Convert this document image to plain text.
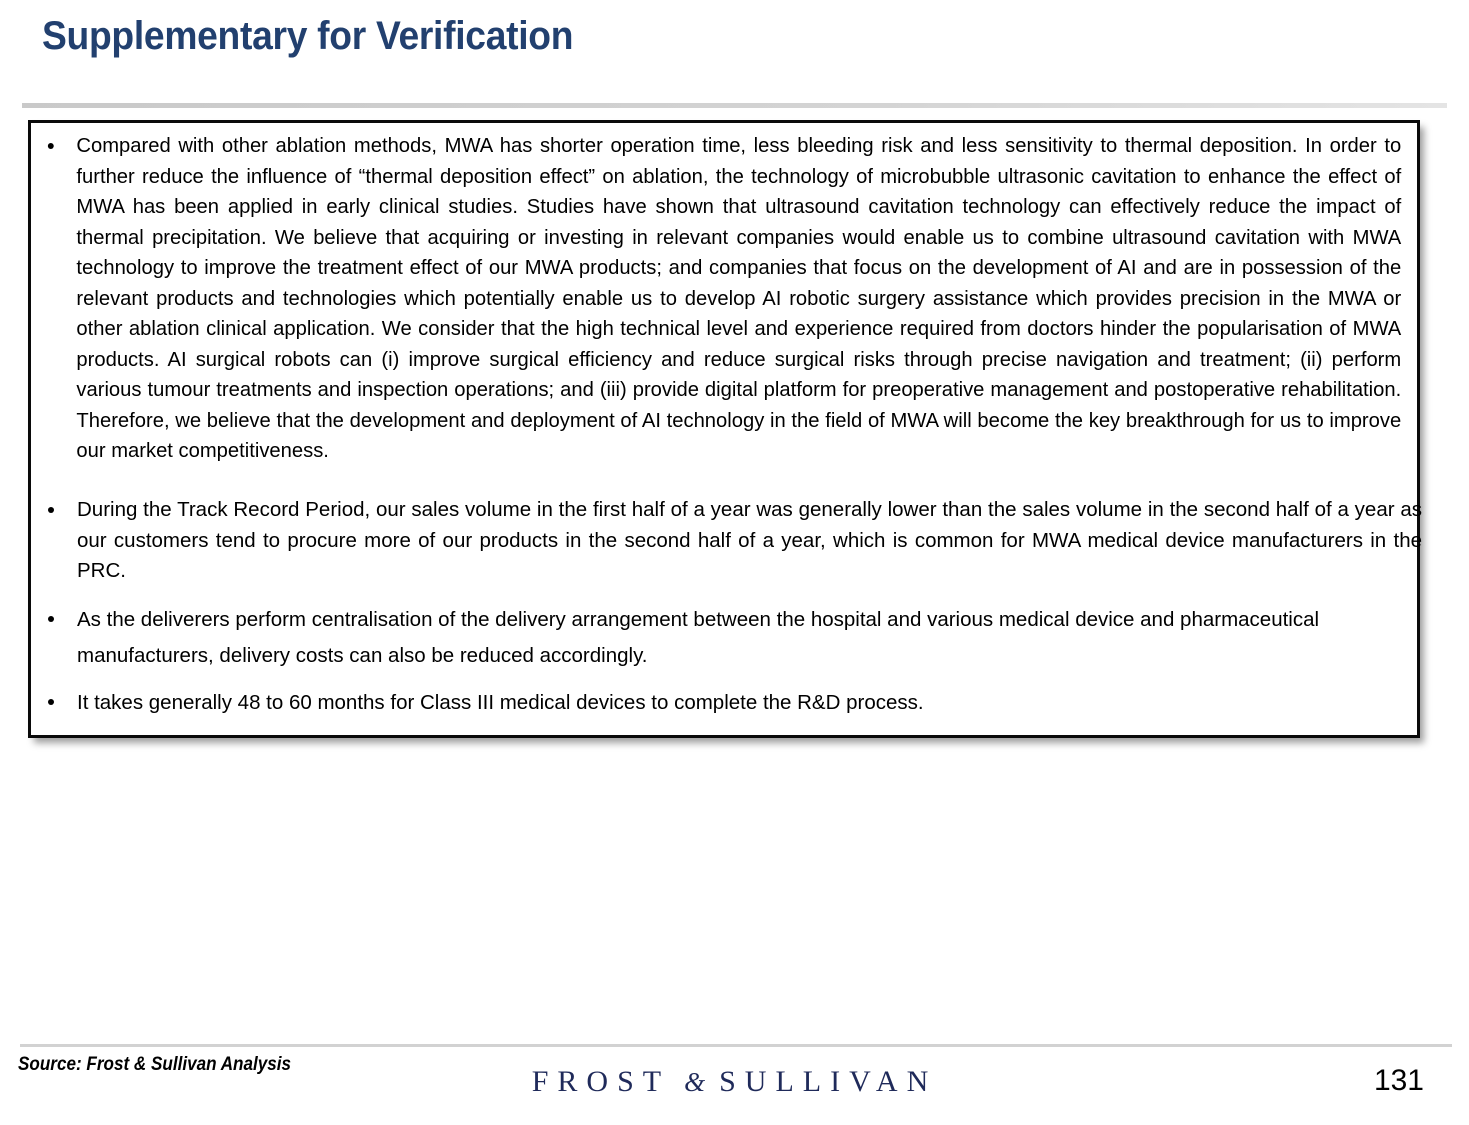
Supplementary for Verification

Compared with other ablation methods, MWA has shorter operation time, less bleeding risk and less sensitivity to thermal deposition. In order to further reduce the influence of “thermal deposition effect” on ablation, the technology of microbubble ultrasonic cavitation to enhance the effect of MWA has been applied in early clinical studies. Studies have shown that ultrasound cavitation technology can effectively reduce the impact of thermal precipitation. We believe that acquiring or investing in relevant companies would enable us to combine ultrasound cavitation with MWA technology to improve the treatment effect of our MWA products; and companies that focus on the development of AI and are in possession of the relevant products and technologies which potentially enable us to develop AI robotic surgery assistance which provides precision in the MWA or other ablation clinical application. We consider that the high technical level and experience required from doctors hinder the popularisation of MWA products. AI surgical robots can (i) improve surgical efficiency and reduce surgical risks through precise navigation and treatment; (ii) perform various tumour treatments and inspection operations; and (iii) provide digital platform for preoperative management and postoperative rehabilitation. Therefore, we believe that the development and deployment of AI technology in the field of MWA will become the key breakthrough for us to improve our market competitiveness.

During the Track Record Period, our sales volume in the first half of a year was generally lower than the sales volume in the second half of a year as our customers tend to procure more of our products in the second half of a year, which is common for MWA medical device manufacturers in the PRC.

As the deliverers perform centralisation of the delivery arrangement between the hospital and various medical device and pharmaceutical manufacturers, delivery costs can also be reduced accordingly.

It takes generally 48 to 60 months for Class III medical devices to complete the R&D process.

Source: Frost & Sullivan Analysis
FROST & SULLIVAN	131
